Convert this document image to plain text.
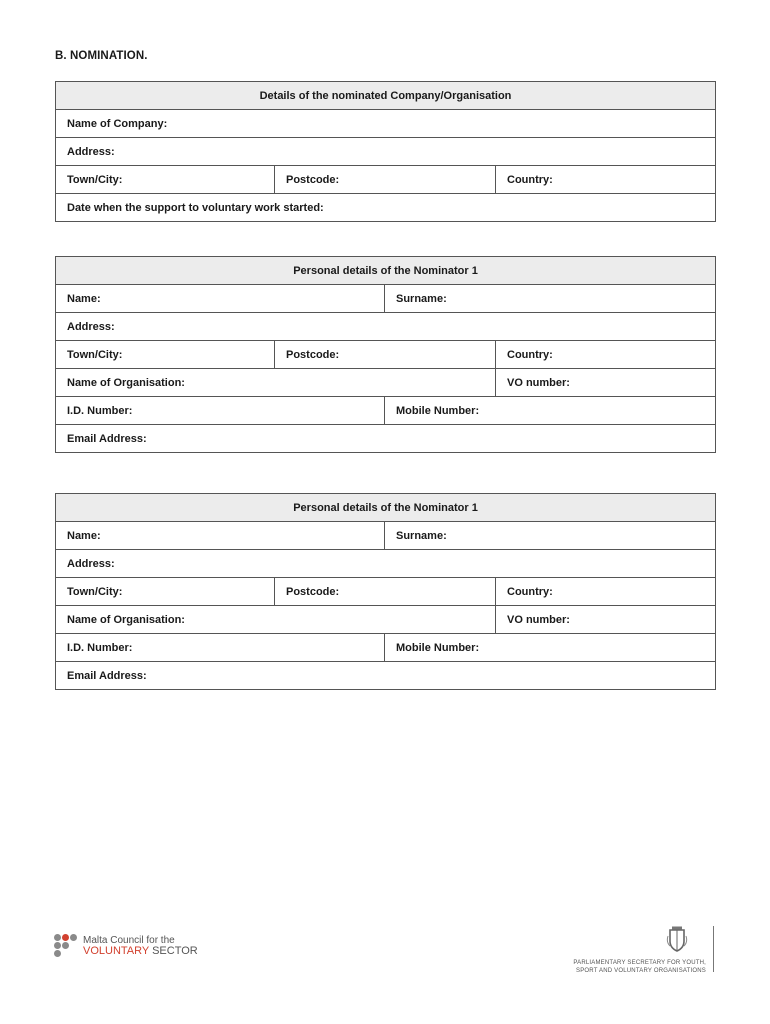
B. NOMINATION.
Details of the nominated Company/Organisation
Name of Company:
Address:
Town/City:	Postcode:	Country:
Date when the support to voluntary work started:
Personal details of the Nominator 1			
Name:		Surname:	
Address:			
Town/City:	Postcode:		Country:
Name of Organisation:			VO number:
I.D. Number:		Mobile Number:	
Email Address:			
Personal details of the Nominator 1			
Name:		Surname:	
Address:			
Town/City:	Postcode:		Country:
Name of Organisation:			VO number:
I.D. Number:		Mobile Number:	
Email Address:			
Malta Council for the
VOLUNTARY SECTOR
PARLIAMENTARY SECRETARY FOR YOUTH,
SPORT AND VOLUNTARY ORGANISATIONS
